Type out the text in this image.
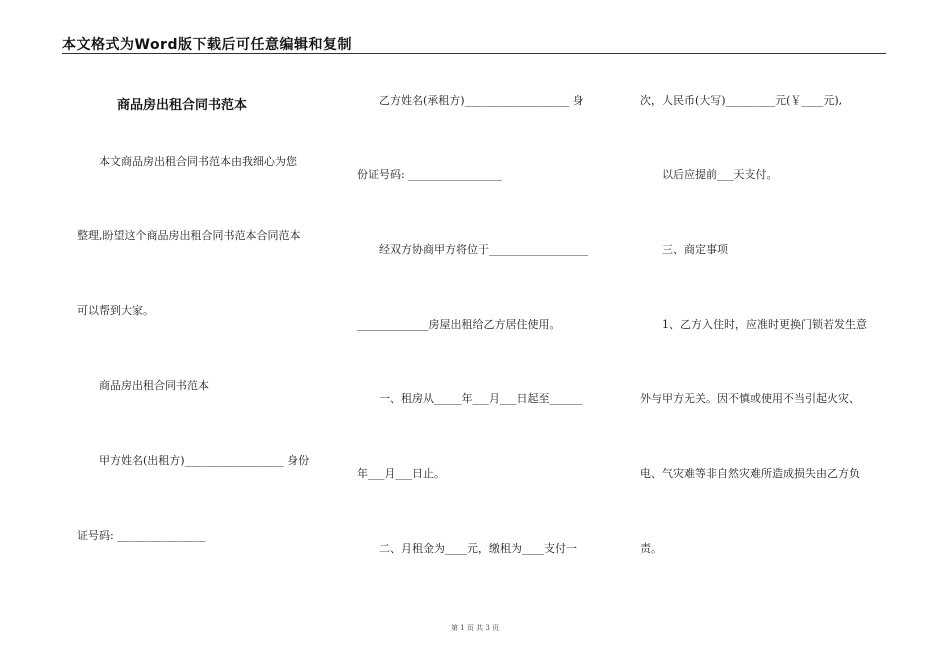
本文格式为Word版下载后可任意编辑和复制
商品房出租合同书范本
　　本文商品房出租合同书范本由我细心为您
整理,盼望这个商品房出租合同书范本合同范本
可以帮到大家。
　　商品房出租合同书范本
　　甲方姓名(出租方)__________________ 身份
证号码: ________________
　　乙方姓名(承租方)___________________ 身
份证号码: _________________
　　经双方协商甲方将位于__________________
_____________房屋出租给乙方居住使用。
　　一、租房从_____年___月___日起至______
年___月___日止。
　　二、月租金为____元，缴租为____支付一
次，人民币(大写)_________元(￥____元),
　　以后应提前___天支付。
　　三、商定事项
　　1、乙方入住时，应准时更换门锁若发生意
外与甲方无关。因不慎或使用不当引起火灾、
电、气灾难等非自然灾难所造成损失由乙方负
责。
第 1 页 共 3 页
